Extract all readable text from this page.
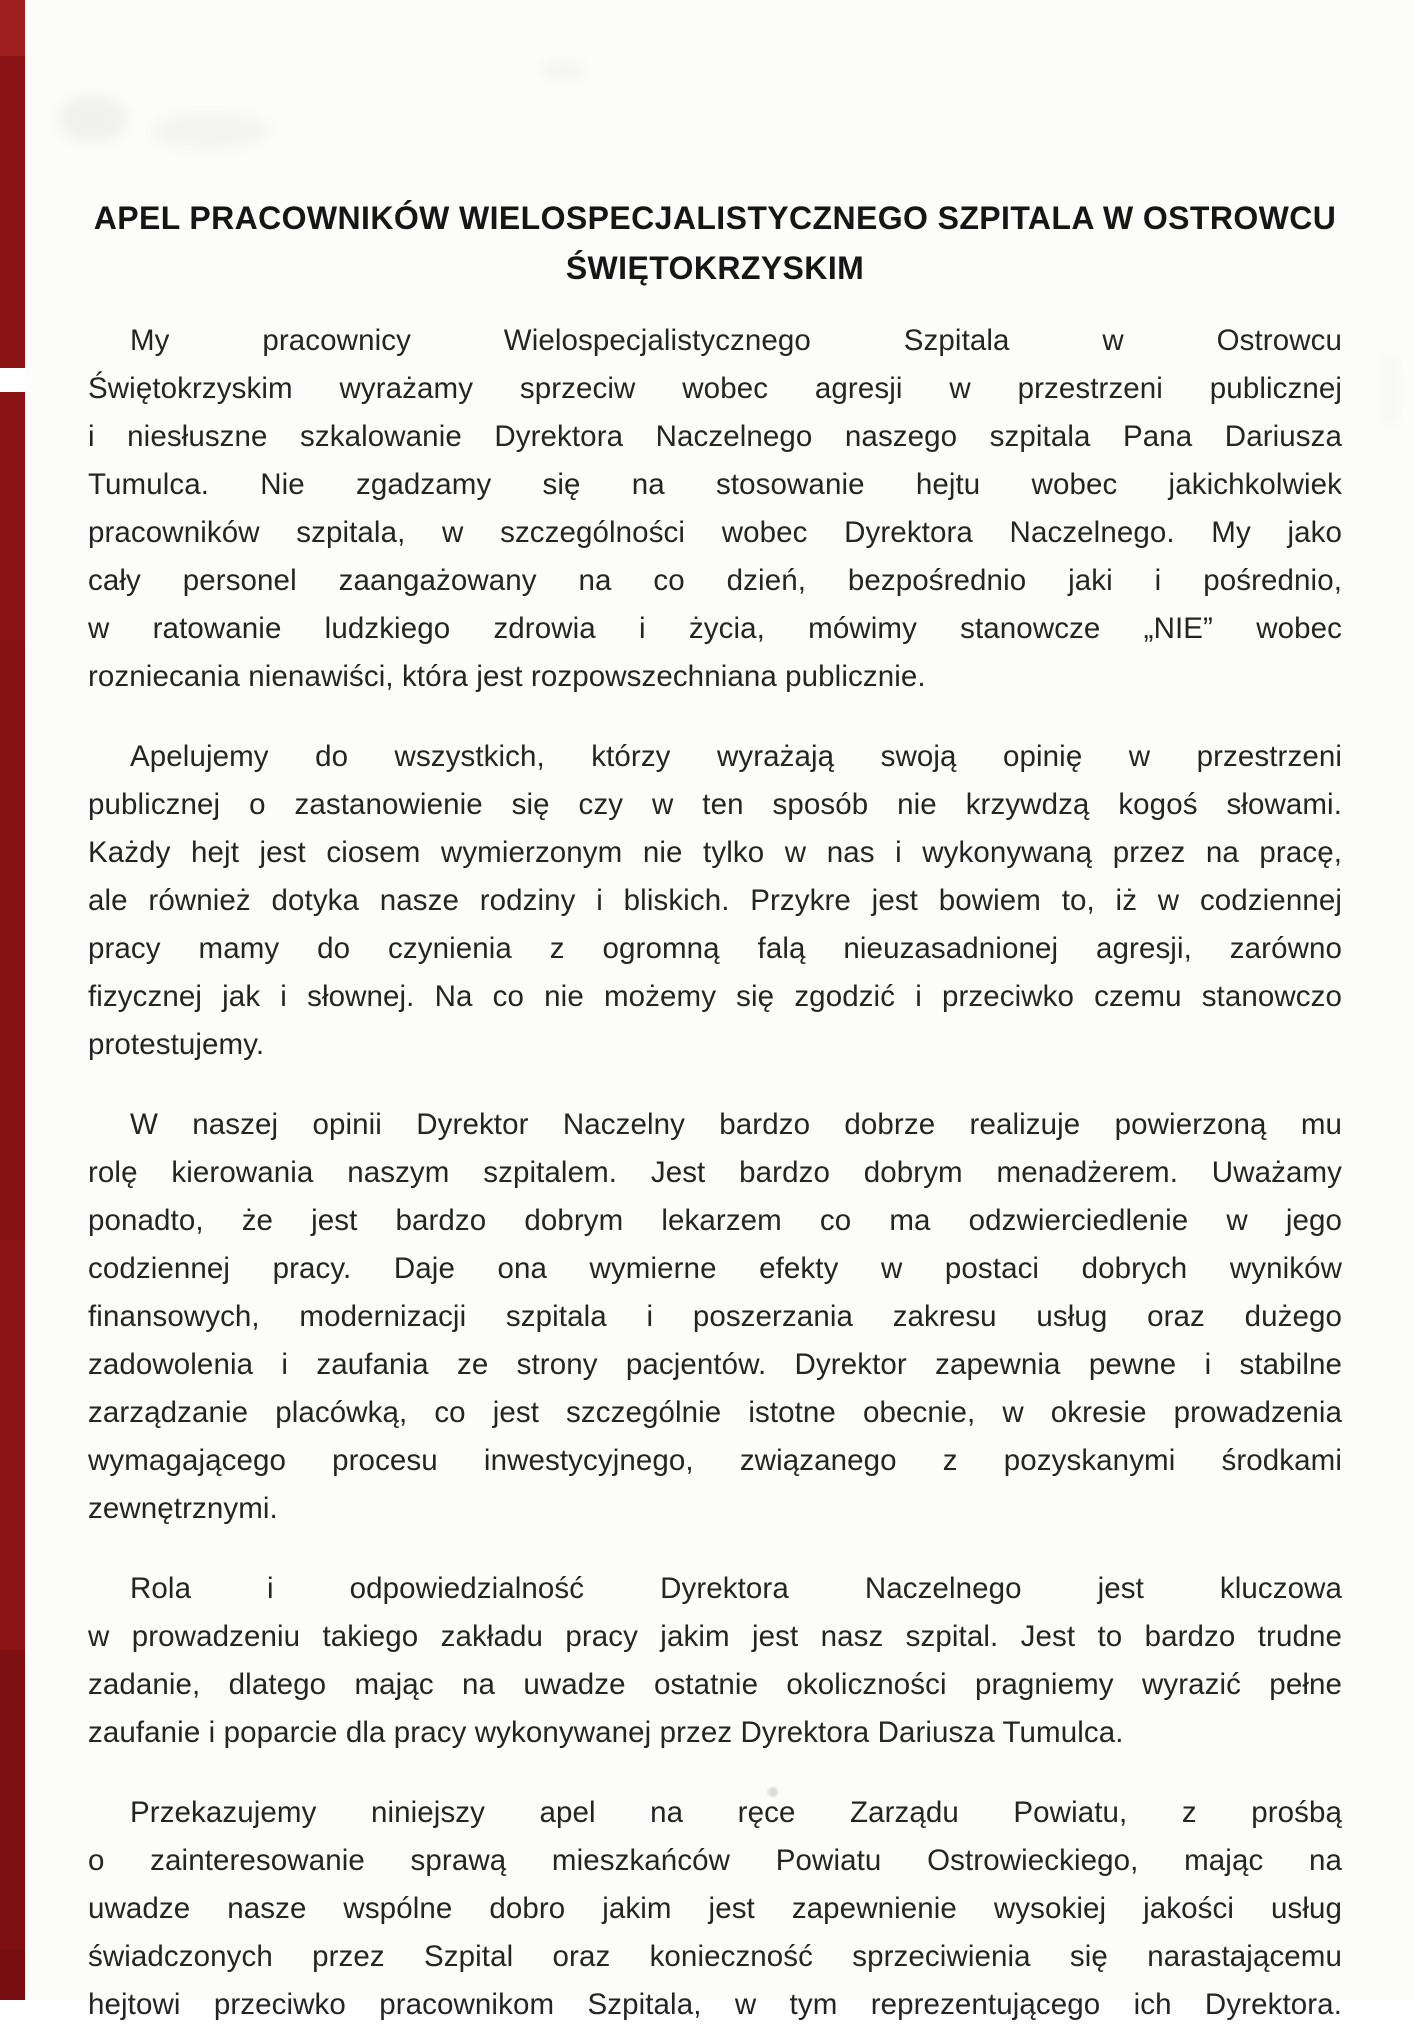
APEL PRACOWNIKÓW WIELOSPECJALISTYCZNEGO SZPITALA W OSTROWCU
ŚWIĘTOKRZYSKIM
My pracownicy Wielospecjalistycznego Szpitala w Ostrowcu
Świętokrzyskim wyrażamy sprzeciw wobec agresji w przestrzeni publicznej
i niesłuszne szkalowanie Dyrektora Naczelnego naszego szpitala Pana Dariusza
Tumulca. Nie zgadzamy się na stosowanie hejtu wobec jakichkolwiek
pracowników szpitala, w szczególności wobec Dyrektora Naczelnego. My jako
cały personel zaangażowany na co dzień, bezpośrednio jaki i pośrednio,
w ratowanie ludzkiego zdrowia i życia, mówimy stanowcze „NIE” wobec
rozniecania nienawiści, która jest rozpowszechniana publicznie.
Apelujemy do wszystkich, którzy wyrażają swoją opinię w przestrzeni
publicznej o zastanowienie się czy w ten sposób nie krzywdzą kogoś słowami.
Każdy hejt jest ciosem wymierzonym nie tylko w nas i wykonywaną przez na pracę,
ale również dotyka nasze rodziny i bliskich. Przykre jest bowiem to, iż w codziennej
pracy mamy do czynienia z ogromną falą nieuzasadnionej agresji, zarówno
fizycznej jak i słownej. Na co nie możemy się zgodzić i przeciwko czemu stanowczo
protestujemy.
W naszej opinii Dyrektor Naczelny bardzo dobrze realizuje powierzoną mu
rolę kierowania naszym szpitalem. Jest bardzo dobrym menadżerem. Uważamy
ponadto, że jest bardzo dobrym lekarzem co ma odzwierciedlenie w jego
codziennej pracy. Daje ona wymierne efekty w postaci dobrych wyników
finansowych, modernizacji szpitala i poszerzania zakresu usług oraz dużego
zadowolenia i zaufania ze strony pacjentów. Dyrektor zapewnia pewne i stabilne
zarządzanie placówką, co jest szczególnie istotne obecnie, w okresie prowadzenia
wymagającego procesu inwestycyjnego, związanego z pozyskanymi środkami
zewnętrznymi.
Rola i odpowiedzialność Dyrektora Naczelnego jest kluczowa
w prowadzeniu takiego zakładu pracy jakim jest nasz szpital. Jest to bardzo trudne
zadanie, dlatego mając na uwadze ostatnie okoliczności pragniemy wyrazić pełne
zaufanie i poparcie dla pracy wykonywanej przez Dyrektora Dariusza Tumulca.
Przekazujemy niniejszy apel na ręce Zarządu Powiatu, z prośbą
o zainteresowanie sprawą mieszkańców Powiatu Ostrowieckiego, mając na
uwadze nasze wspólne dobro jakim jest zapewnienie wysokiej jakości usług
świadczonych przez Szpital oraz konieczność sprzeciwienia się narastającemu
hejtowi przeciwko pracownikom Szpitala, w tym reprezentującego ich Dyrektora.
